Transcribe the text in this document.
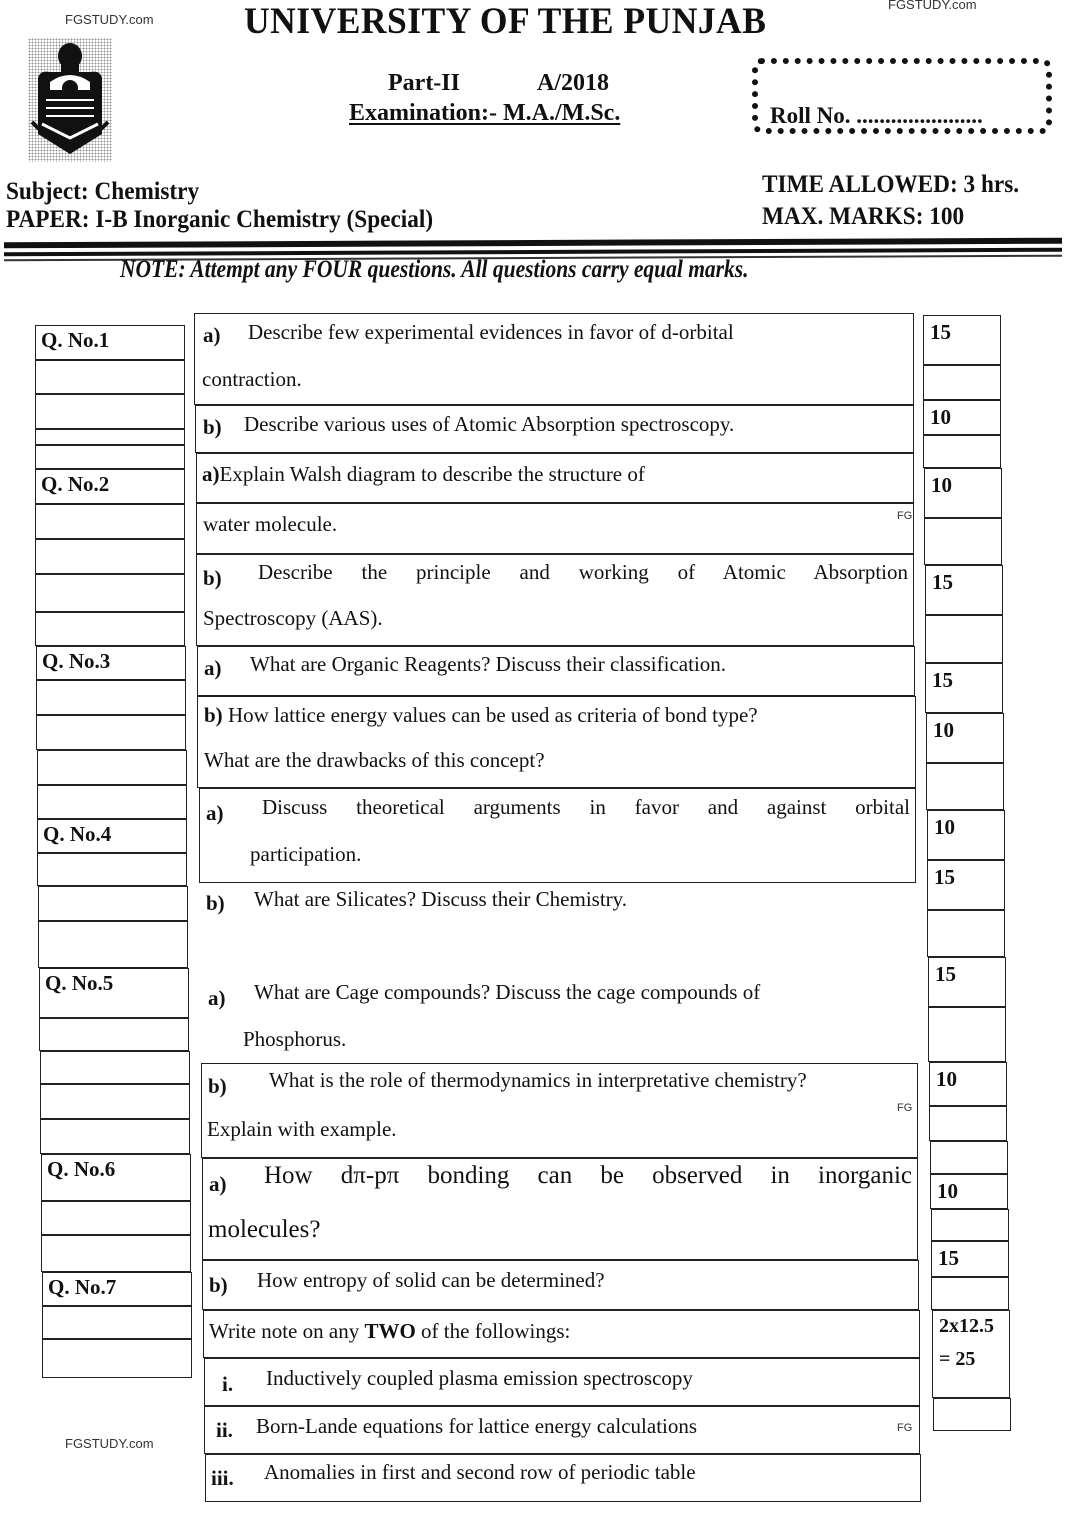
FGSTUDY.com
FGSTUDY.com
FGSTUDY.com
UNIVERSITY OF THE PUNJAB
Part-II	A/2018
Examination:- M.A./M.Sc.	Roll No. ......................
Subject: Chemistry
PAPER: I-B Inorganic Chemistry (Special)
TIME ALLOWED: 3 hrs.
MAX. MARKS: 100
NOTE: Attempt any FOUR questions. All questions carry equal marks.
Q. No.1
Q. No.2
Q. No.3
Q. No.4
Q. No.5
Q. No.6
Q. No.7
a) Describe few experimental evidences in favor of d-orbital
contraction.
b) Describe various uses of Atomic Absorption spectroscopy.
a)Explain Walsh diagram to describe the structure of
water molecule.	FG
b) Describe the principle and working of Atomic Absorption
Spectroscopy (AAS).
a) What are Organic Reagents? Discuss their classification.
b) How lattice energy values can be used as criteria of bond type?
What are the drawbacks of this concept?
a) Discuss theoretical arguments in favor and against orbital
participation.
b) What are Silicates? Discuss their Chemistry.
a) What are Cage compounds? Discuss the cage compounds of
Phosphorus.
b) What is the role of thermodynamics in interpretative chemistry?
Explain with example.
FG
a) How dπ-pπ bonding can be observed in inorganic
molecules?
b) How entropy of solid can be determined?
Write note on any TWO of the followings:
i. Inductively coupled plasma emission spectroscopy
ii. Born-Lande equations for lattice energy calculations	FG
iii. Anomalies in first and second row of periodic table
15
10
10
15
15
10
10
15
15
10
10
15
2x12.5
= 25
